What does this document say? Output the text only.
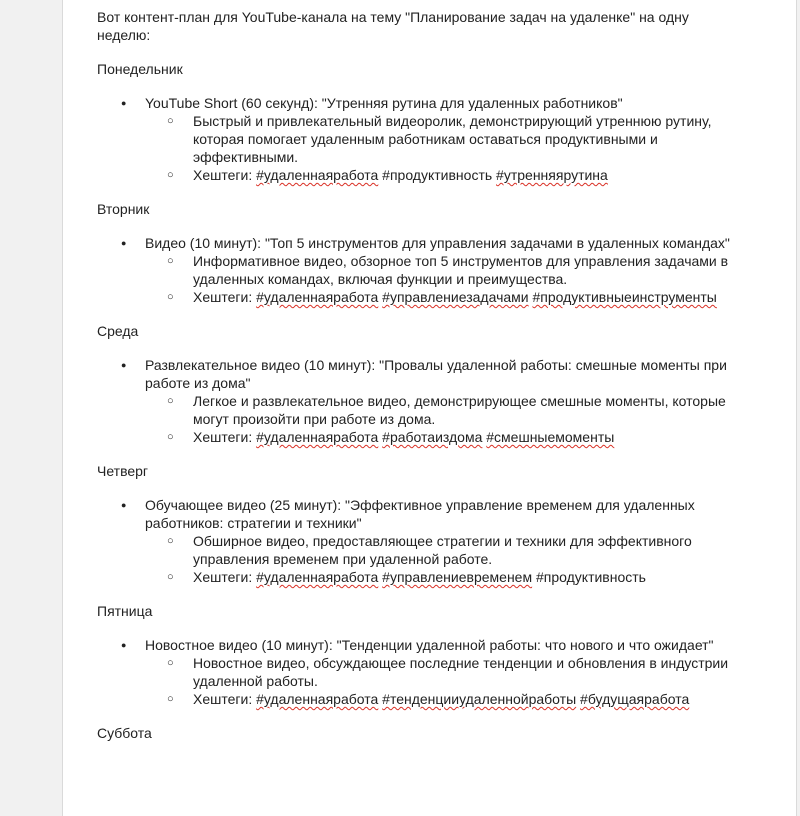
Вот контент-план для YouTube-канала на тему "Планирование задач на удаленке" на одну неделю:

Понедельник

● YouTube Short (60 секунд): "Утренняя рутина для удаленных работников"
○ Быстрый и привлекательный видеоролик, демонстрирующий утреннюю рутину, которая помогает удаленным работникам оставаться продуктивными и эффективными.
○ Хештеги: #удаленнаяработа #продуктивность #утренняярутина

Вторник

● Видео (10 минут): "Топ 5 инструментов для управления задачами в удаленных командах"
○ Информативное видео, обзорное топ 5 инструментов для управления задачами в удаленных командах, включая функции и преимущества.
○ Хештеги: #удаленнаяработа #управлениезадачами #продуктивныеинструменты

Среда

● Развлекательное видео (10 минут): "Провалы удаленной работы: смешные моменты при работе из дома"
○ Легкое и развлекательное видео, демонстрирующее смешные моменты, которые могут произойти при работе из дома.
○ Хештеги: #удаленнаяработа #работаиздома #смешныемоменты

Четверг

● Обучающее видео (25 минут): "Эффективное управление временем для удаленных работников: стратегии и техники"
○ Обширное видео, предоставляющее стратегии и техники для эффективного управления временем при удаленной работе.
○ Хештеги: #удаленнаяработа #управлениевременем #продуктивность

Пятница

● Новостное видео (10 минут): "Тенденции удаленной работы: что нового и что ожидает"
○ Новостное видео, обсуждающее последние тенденции и обновления в индустрии удаленной работы.
○ Хештеги: #удаленнаяработа #тенденцииудаленнойработы #будущаяработа

Суббота
